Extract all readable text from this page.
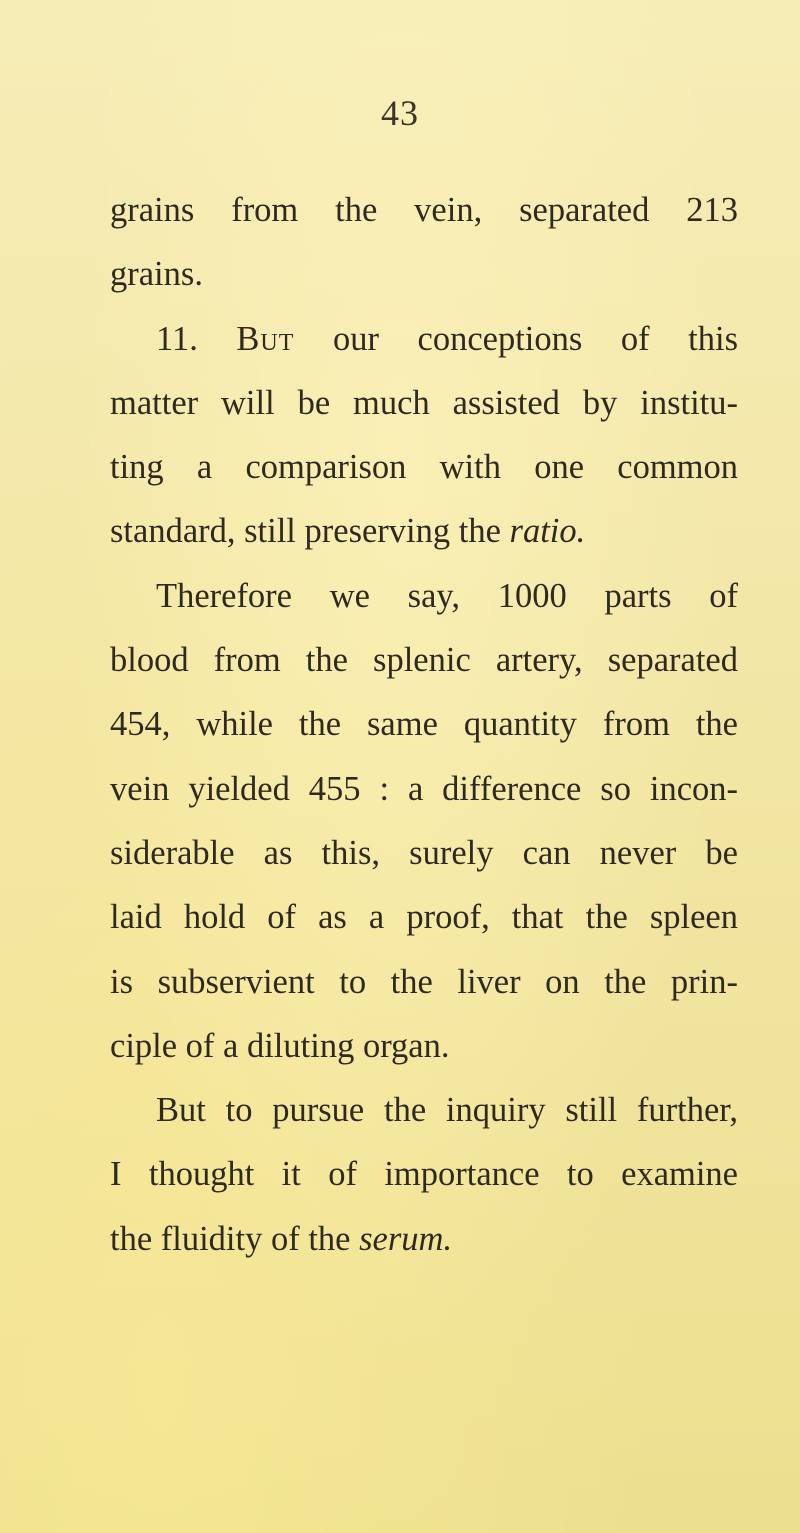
43
grains from the vein, separated 213
grains.
11. But our conceptions of this
matter will be much assisted by institu-
ting a comparison with one common
standard, still preserving the ratio.
Therefore we say, 1000 parts of
blood from the splenic artery, separated
454, while the same quantity from the
vein yielded 455 : a difference so incon-
siderable as this, surely can never be
laid hold of as a proof, that the spleen
is subservient to the liver on the prin-
ciple of a diluting organ.
But to pursue the inquiry still further,
I thought it of importance to examine
the fluidity of the serum.
